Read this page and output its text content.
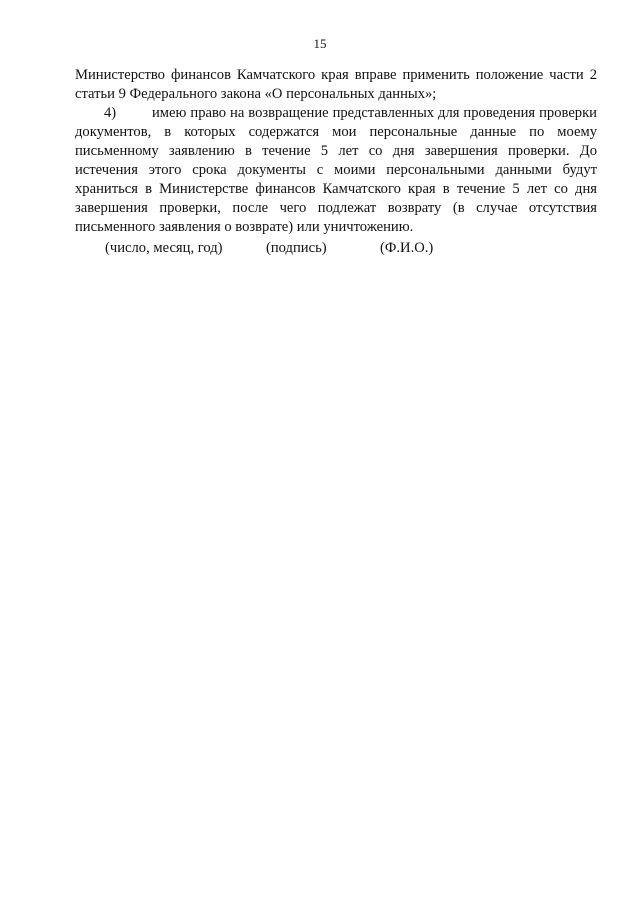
15

Министерство финансов Камчатского края вправе применить положение части 2 статьи 9 Федерального закона «О персональных данных»;

4) имею право на возвращение представленных для проведения проверки документов, в которых содержатся мои персональные данные по моему письменному заявлению в течение 5 лет со дня завершения проверки. До истечения этого срока документы с моими персональными данными будут храниться в Министерстве финансов Камчатского края в течение 5 лет со дня завершения проверки, после чего подлежат возврату (в случае отсутствия письменного заявления о возврате) или уничтожению.

(число, месяц, год)	(подпись)	(Ф.И.О.)
